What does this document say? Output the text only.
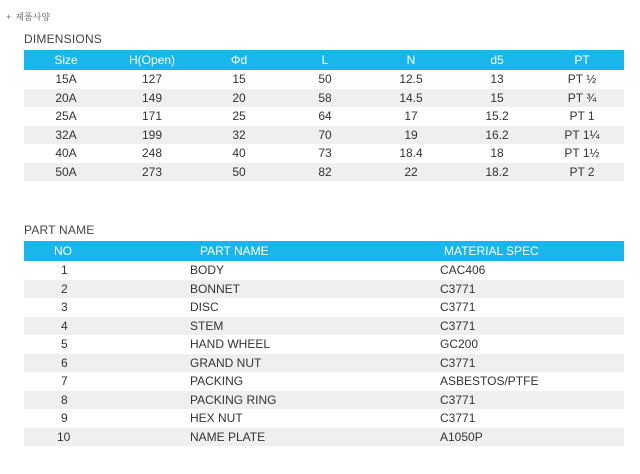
+ 제품사양
DIMENSIONS
Size	H(Open)	Φd	L	N	d5	PT
15A	127	15	50	12.5	13	PT ½
20A	149	20	58	14.5	15	PT ¾
25A	171	25	64	17	15.2	PT 1
32A	199	32	70	19	16.2	PT 1¼
40A	248	40	73	18.4	18	PT 1½
50A	273	50	82	22	18.2	PT 2
PART NAME
NO	PART NAME	MATERIAL SPEC
1	BODY	CAC406
2	BONNET	C3771
3	DISC	C3771
4	STEM	C3771
5	HAND WHEEL	GC200
6	GRAND NUT	C3771
7	PACKING	ASBESTOS/PTFE
8	PACKING RING	C3771
9	HEX NUT	C3771
10	NAME PLATE	A1050P
